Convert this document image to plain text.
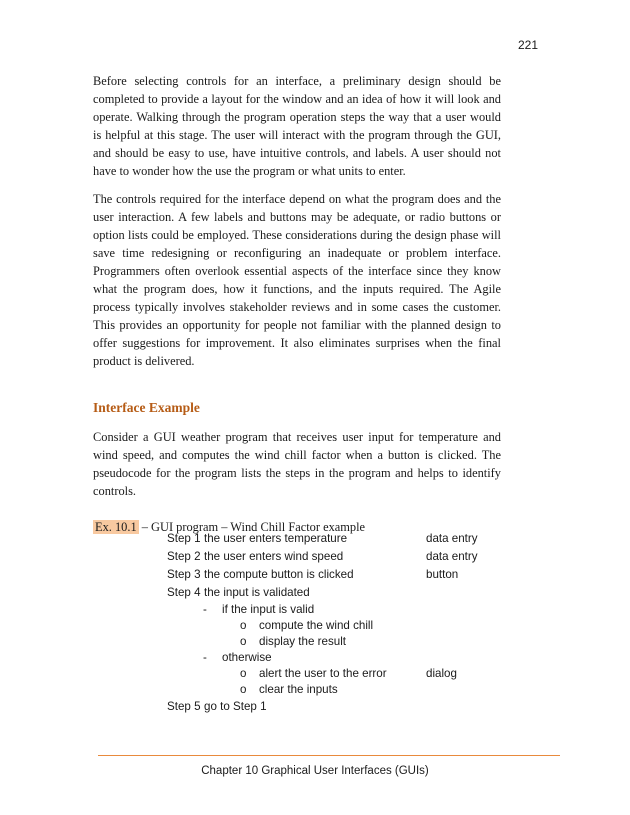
221

Before selecting controls for an interface, a preliminary design should be completed to provide a layout for the window and an idea of how it will look and operate. Walking through the program operation steps the way that a user would is helpful at this stage. The user will interact with the program through the GUI, and should be easy to use, have intuitive controls, and labels. A user should not have to wonder how the use the program or what units to enter.

The controls required for the interface depend on what the program does and the user interaction. A few labels and buttons may be adequate, or radio buttons or option lists could be employed. These considerations during the design phase will save time redesigning or reconfiguring an inadequate or problem interface. Programmers often overlook essential aspects of the interface since they know what the program does, how it functions, and the inputs required. The Agile process typically involves stakeholder reviews and in some cases the customer. This provides an opportunity for people not familiar with the planned design to offer suggestions for improvement. It also eliminates surprises when the final product is delivered.

Interface Example

Consider a GUI weather program that receives user input for temperature and wind speed, and computes the wind chill factor when a button is clicked. The pseudocode for the program lists the steps in the program and helps to identify controls.

Ex. 10.1 – GUI program – Wind Chill Factor example
Step 1 the user enters temperature	data entry
Step 2 the user enters wind speed	data entry
Step 3 the compute button is clicked	button
Step 4 the input is validated
- if the input is valid
o compute the wind chill
o display the result
- otherwise
o alert the user to the error	dialog
o clear the inputs
Step 5 go to Step 1
Chapter 10 Graphical User Interfaces (GUIs)
